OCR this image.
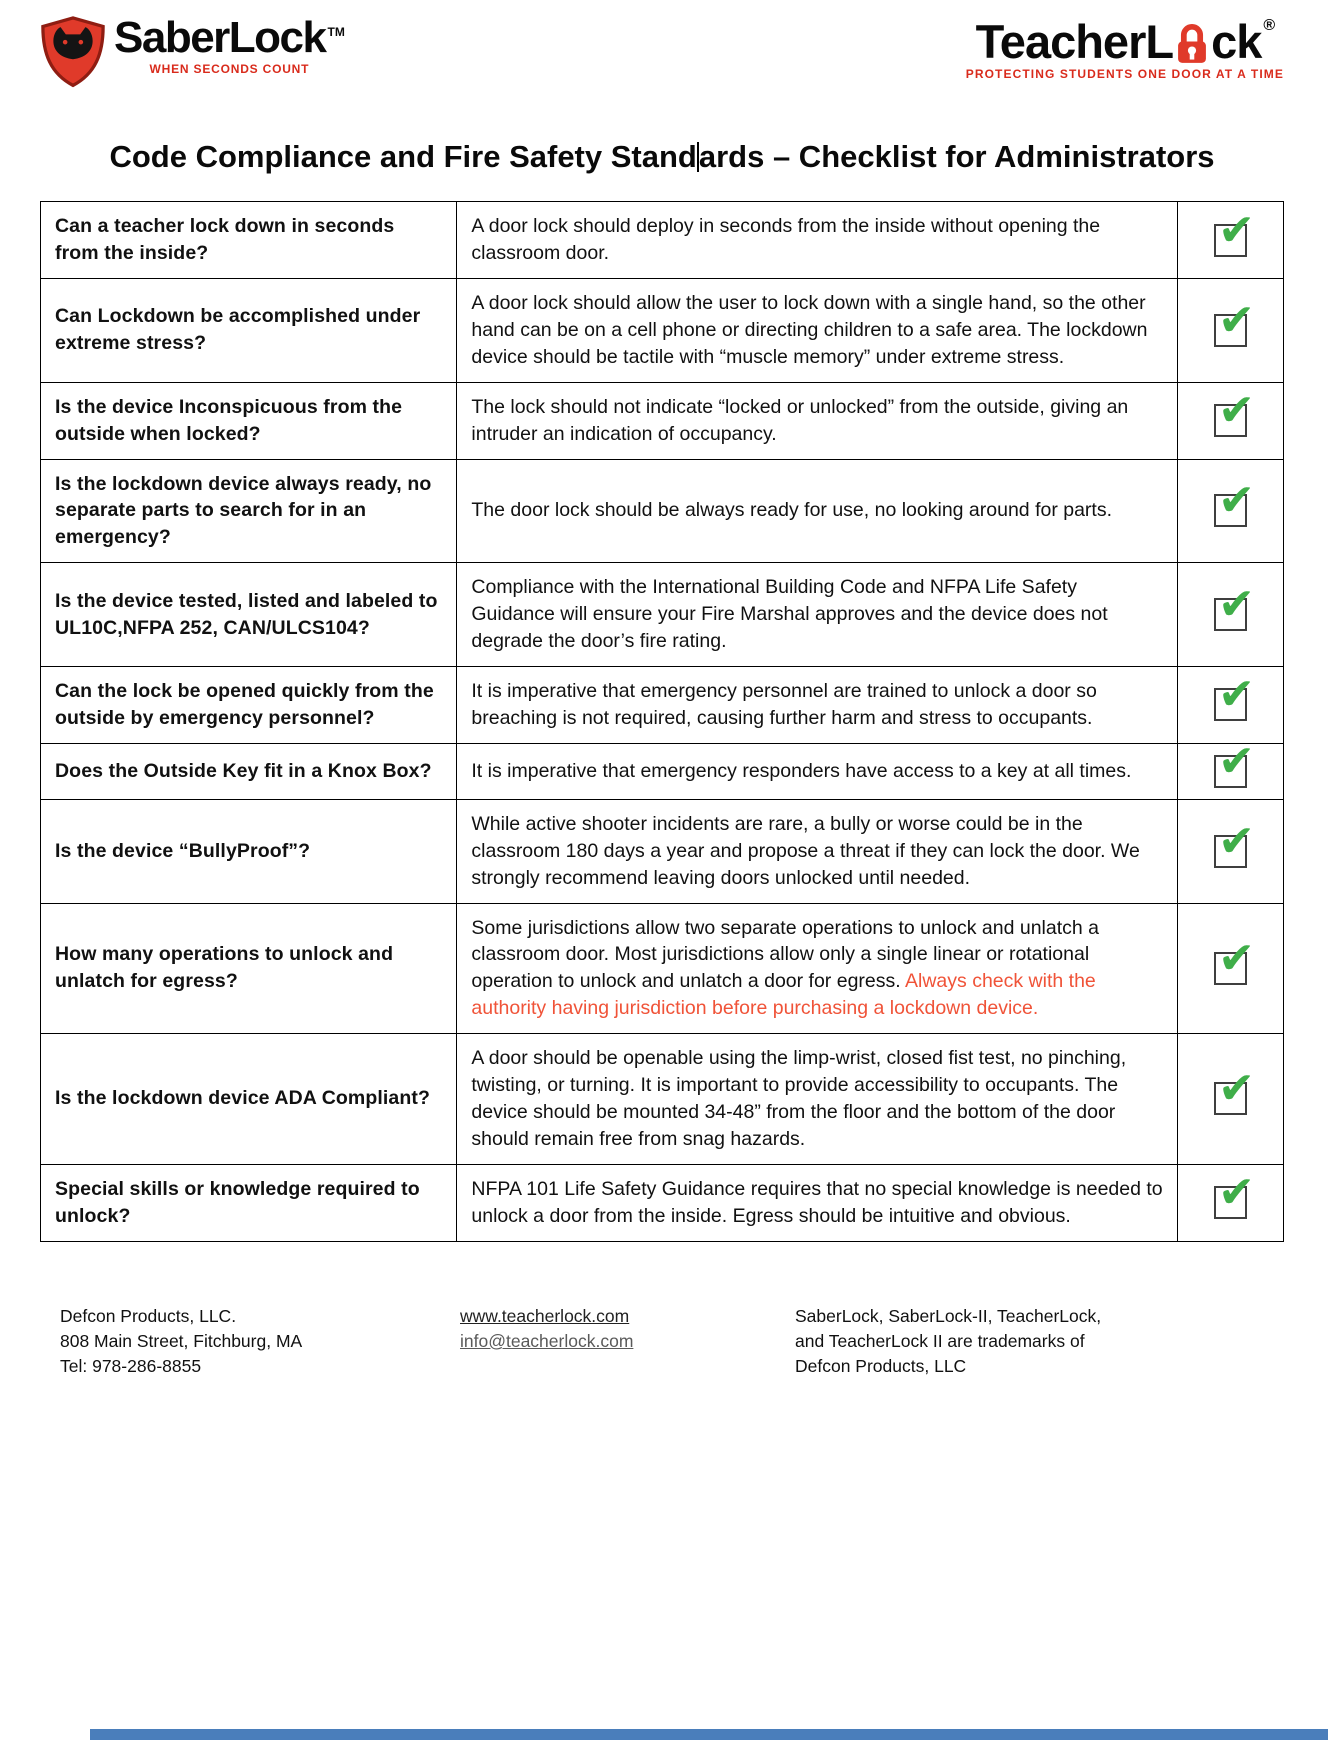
SaberLock ™
WHEN SECONDS COUNT
TeacherL ck ®
PROTECTING STUDENTS ONE DOOR AT A TIME
Code Compliance and Fire Safety Standards – Checklist for Administrators
Can a teacher lock down in seconds from the inside?	A door lock should deploy in seconds from the inside without opening the classroom door.	✔

Can Lockdown be accomplished under extreme stress?	A door lock should allow the user to lock down with a single hand, so the other hand can be on a cell phone or directing children to a safe area. The lockdown device should be tactile with “muscle memory” under extreme stress.	✔

Is the device Inconspicuous from the outside when locked?	The lock should not indicate “locked or unlocked” from the outside, giving an intruder an indication of occupancy.	✔

Is the lockdown device always ready, no separate parts to search for in an emergency?	The door lock should be always ready for use, no looking around for parts.	✔

Is the device tested, listed and labeled to UL10C,NFPA 252, CAN/ULCS104?	Compliance with the International Building Code and NFPA Life Safety Guidance will ensure your Fire Marshal approves and the device does not degrade the door’s fire rating.	✔

Can the lock be opened quickly from the outside by emergency personnel?	It is imperative that emergency personnel are trained to unlock a door so breaching is not required, causing further harm and stress to occupants.	✔

Does the Outside Key fit in a Knox Box?	It is imperative that emergency responders have access to a key at all times.	✔

Is the device “BullyProof”?	While active shooter incidents are rare, a bully or worse could be in the classroom 180 days a year and propose a threat if they can lock the door. We strongly recommend leaving doors unlocked until needed.	✔

How many operations to unlock and unlatch for egress?	Some jurisdictions allow two separate operations to unlock and unlatch a classroom door. Most jurisdictions allow only a single linear or rotational operation to unlock and unlatch a door for egress. Always check with the authority having jurisdiction before purchasing a lockdown device.	✔

Is the lockdown device ADA Compliant?	A door should be openable using the limp-wrist, closed fist test, no pinching, twisting, or turning. It is important to provide accessibility to occupants. The device should be mounted 34-48” from the floor and the bottom of the door should remain free from snag hazards.	✔

Special skills or knowledge required to unlock?	NFPA 101 Life Safety Guidance requires that no special knowledge is needed to unlock a door from the inside. Egress should be intuitive and obvious.	✔
Defcon Products, LLC.
808 Main Street, Fitchburg, MA
Tel: 978-286-8855
www.teacherlock.com
info@teacherlock.com
SaberLock, SaberLock-II, TeacherLock,
and TeacherLock II are trademarks of
Defcon Products, LLC
